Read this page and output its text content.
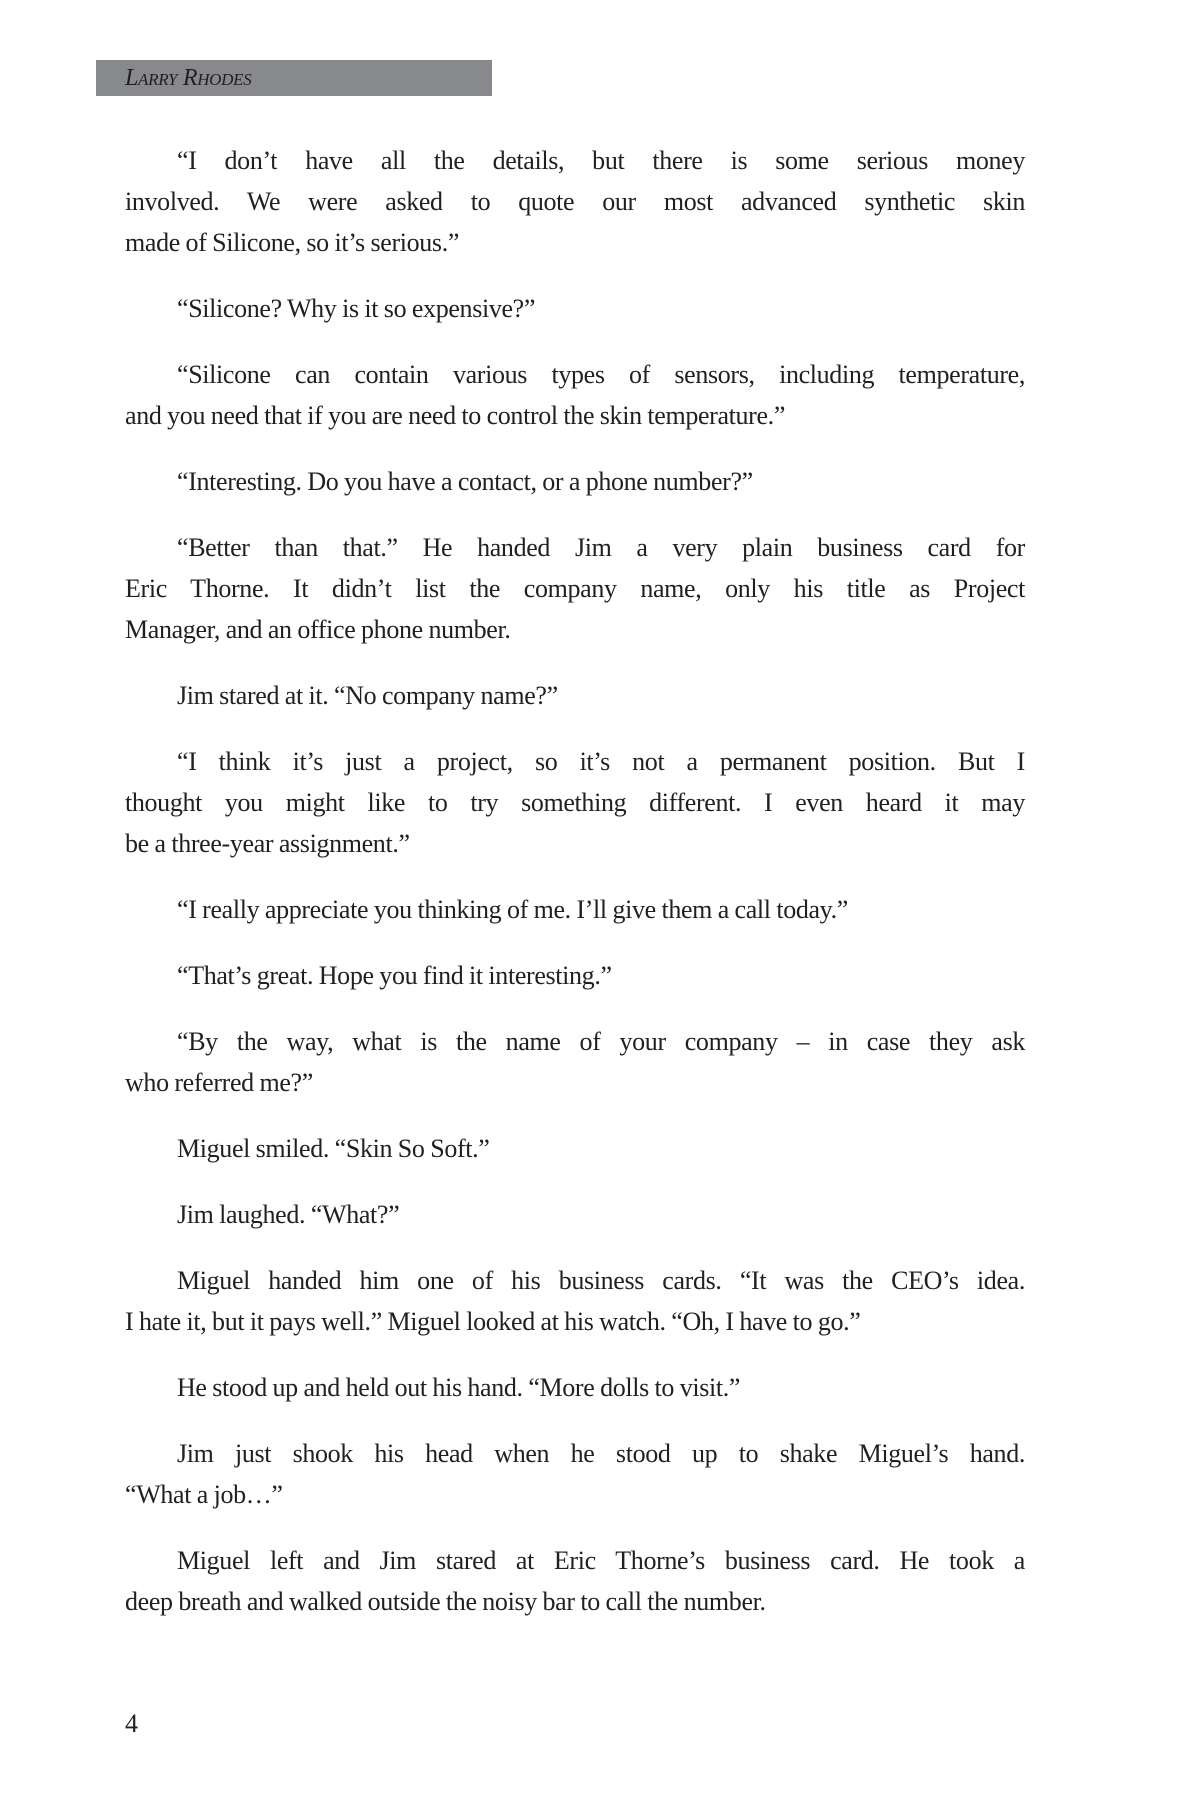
Larry Rhodes
“I don’t have all the details, but there is some serious money
involved. We were asked to quote our most advanced synthetic skin
made of Silicone, so it’s serious.”
“Silicone? Why is it so expensive?”
“Silicone can contain various types of sensors, including temperature,
and you need that if you are need to control the skin temperature.”
“Interesting. Do you have a contact, or a phone number?”
“Better than that.” He handed Jim a very plain business card for
Eric Thorne. It didn’t list the company name, only his title as Project
Manager, and an office phone number.
Jim stared at it. “No company name?”
“I think it’s just a project, so it’s not a permanent position. But I
thought you might like to try something different. I even heard it may
be a three-year assignment.”
“I really appreciate you thinking of me. I’ll give them a call today.”
“That’s great. Hope you find it interesting.”
“By the way, what is the name of your company – in case they ask
who referred me?”
Miguel smiled. “Skin So Soft.”
Jim laughed. “What?”
Miguel handed him one of his business cards. “It was the CEO’s idea.
I hate it, but it pays well.” Miguel looked at his watch. “Oh, I have to go.”
He stood up and held out his hand. “More dolls to visit.”
Jim just shook his head when he stood up to shake Miguel’s hand.
“What a job…”
Miguel left and Jim stared at Eric Thorne’s business card. He took a
deep breath and walked outside the noisy bar to call the number.
4
